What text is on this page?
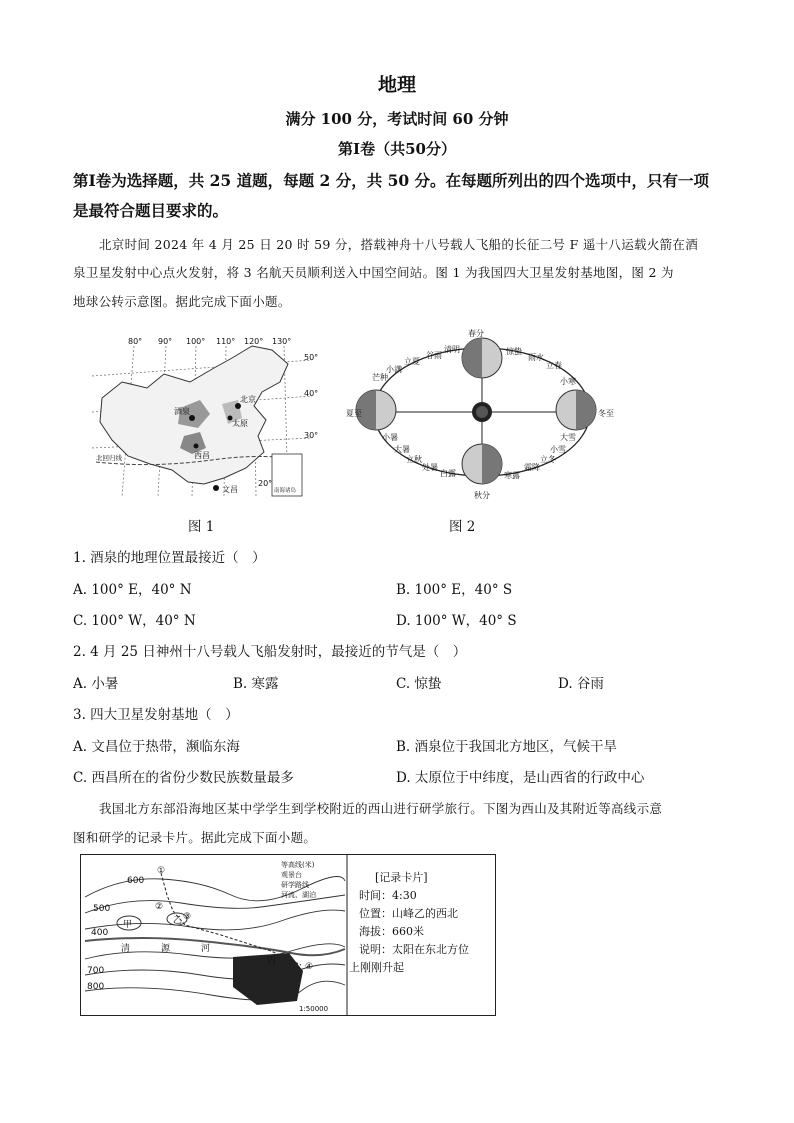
地理
满分 100 分，考试时间 60 分钟
第Ⅰ卷（共50分）
第Ⅰ卷为选择题，共 25 道题，每题 2 分，共 50 分。在每题所列出的四个选项中，只有一项
是最符合题目要求的。
北京时间 2024 年 4 月 25 日 20 时 59 分，搭载神舟十八号载人飞船的长征二号 F 遥十八运载火箭在酒
泉卫星发射中心点火发射，将 3 名航天员顺利送入中国空间站。图 1 为我国四大卫星发射基地图，图 2 为
地球公转示意图。据此完成下面小题。
80° 90° 100° 110° 120° 130°
50°
40°
30°
20°
酒泉
北京
太原
西昌
文昌
北回归线
南海诸岛
图 1
春分
清明	惊蛰
雨水
立春
谷雨
立夏
小满
芒种	小寒
夏至	冬至
小暑
大暑
立秋
处暑
白露
秋分
寒露
霜降
立冬
小雪
大雪
图 2
1. 酒泉的地理位置最接近（　）
A. 100° E，40° N	B. 100° E，40° S
C. 100° W，40° N	D. 100° W，40° S
2. 4 月 25 日神州十八号载人飞船发射时，最接近的节气是（　）
A. 小暑	B. 寒露	C. 惊蛰	D. 谷雨
3. 四大卫星发射基地（　）
A. 文昌位于热带，濒临东海	B. 酒泉位于我国北方地区，气候干旱
C. 西昌所在的省份少数民族数量最多	D. 太原位于中纬度，是山西省的行政中心
我国北方东部沿海地区某中学学生到学校附近的西山进行研学旅行。下图为西山及其附近等高线示意
图和研学的记录卡片。据此完成下面小题。
600
500
400
700
800
甲	乙
丙
清	源	河
①
②
③
④
等高线(米)
观景台
研学路线
河流、湖泊
1:50000
[记录卡片]
时间：4:30
位置：山峰乙的西北
海拔：660米
说明：太阳在东北方位
上刚刚升起
